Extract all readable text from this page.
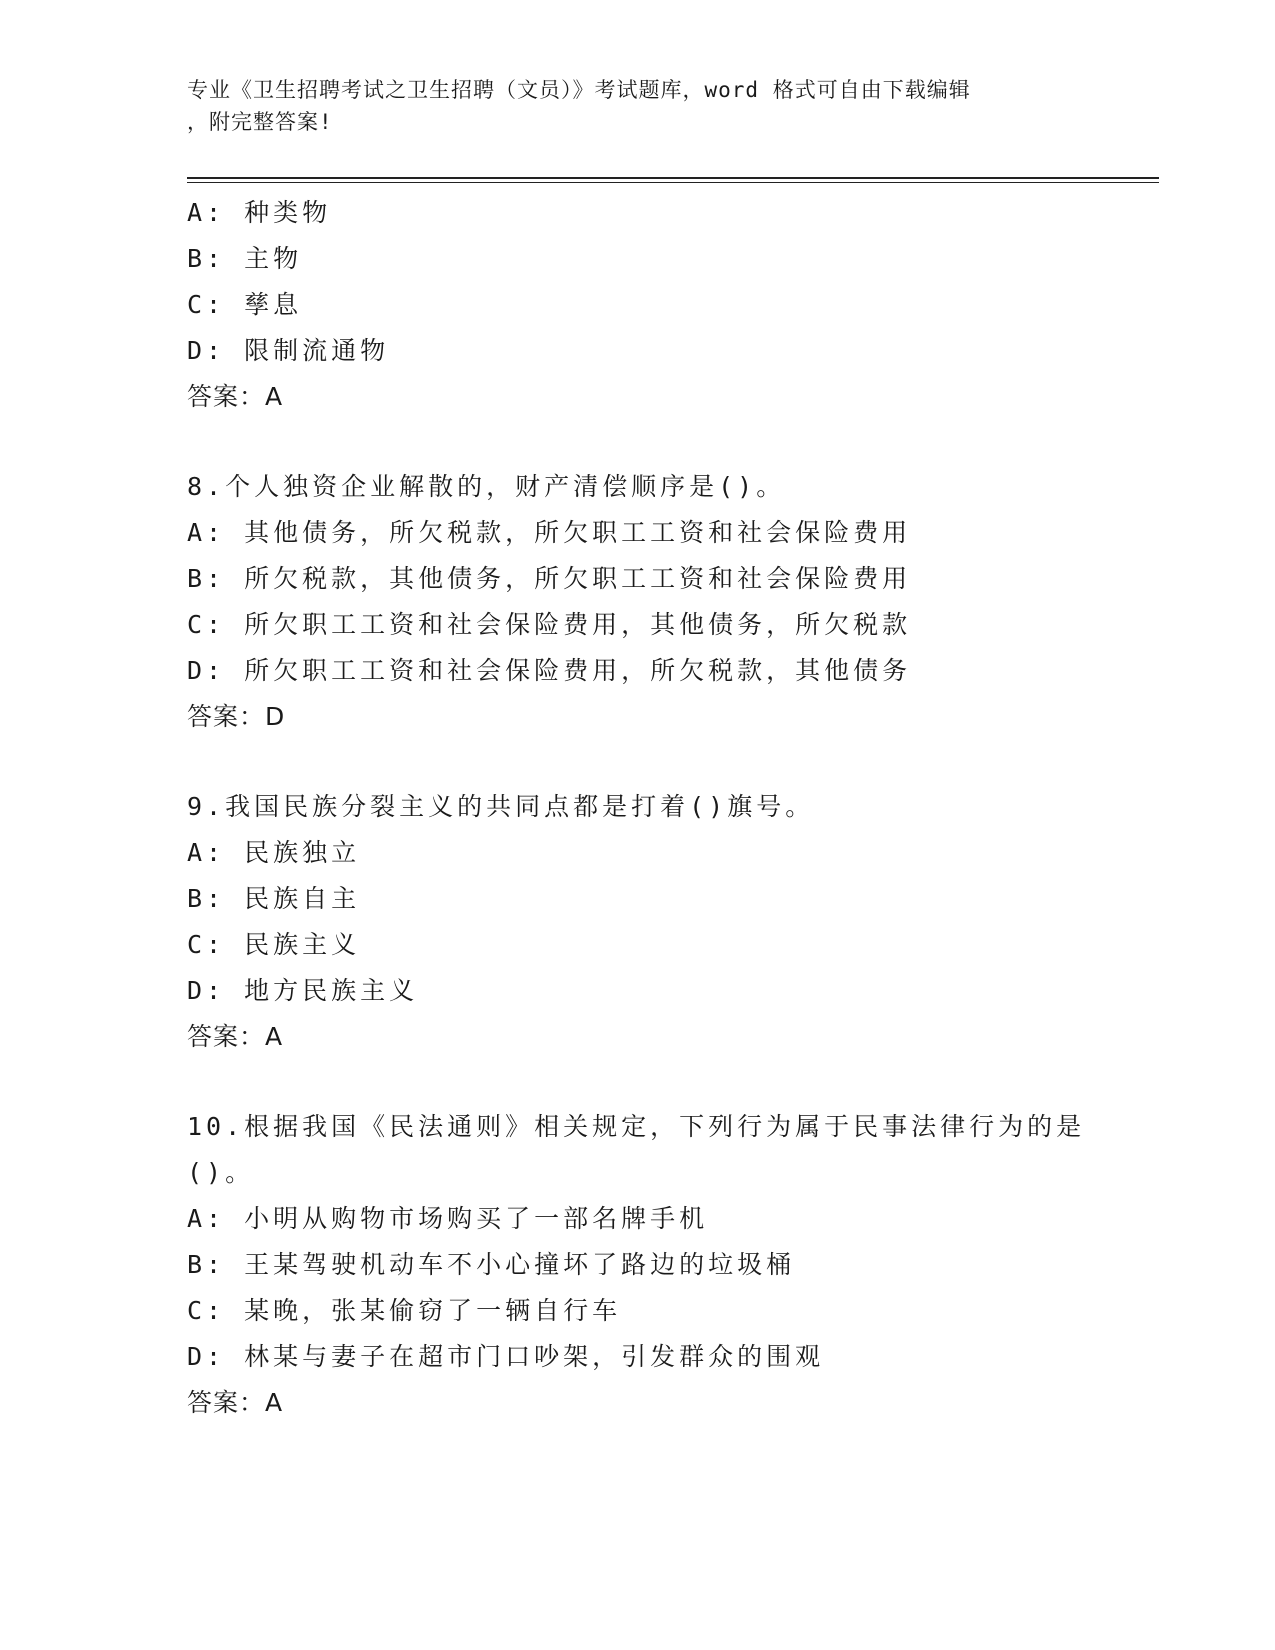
专业《卫生招聘考试之卫生招聘（文员）》考试题库，word 格式可自由下载编辑
，附完整答案!
A: 种类物
B: 主物
C: 孳息
D: 限制流通物
答案：A
8.个人独资企业解散的，财产清偿顺序是()。
A: 其他债务，所欠税款，所欠职工工资和社会保险费用
B: 所欠税款，其他债务，所欠职工工资和社会保险费用
C: 所欠职工工资和社会保险费用，其他债务，所欠税款
D: 所欠职工工资和社会保险费用，所欠税款，其他债务
答案：D
9.我国民族分裂主义的共同点都是打着()旗号。
A: 民族独立
B: 民族自主
C: 民族主义
D: 地方民族主义
答案：A
10.根据我国《民法通则》相关规定，下列行为属于民事法律行为的是
()。
A: 小明从购物市场购买了一部名牌手机
B: 王某驾驶机动车不小心撞坏了路边的垃圾桶
C: 某晚，张某偷窃了一辆自行车
D: 林某与妻子在超市门口吵架，引发群众的围观
答案：A
